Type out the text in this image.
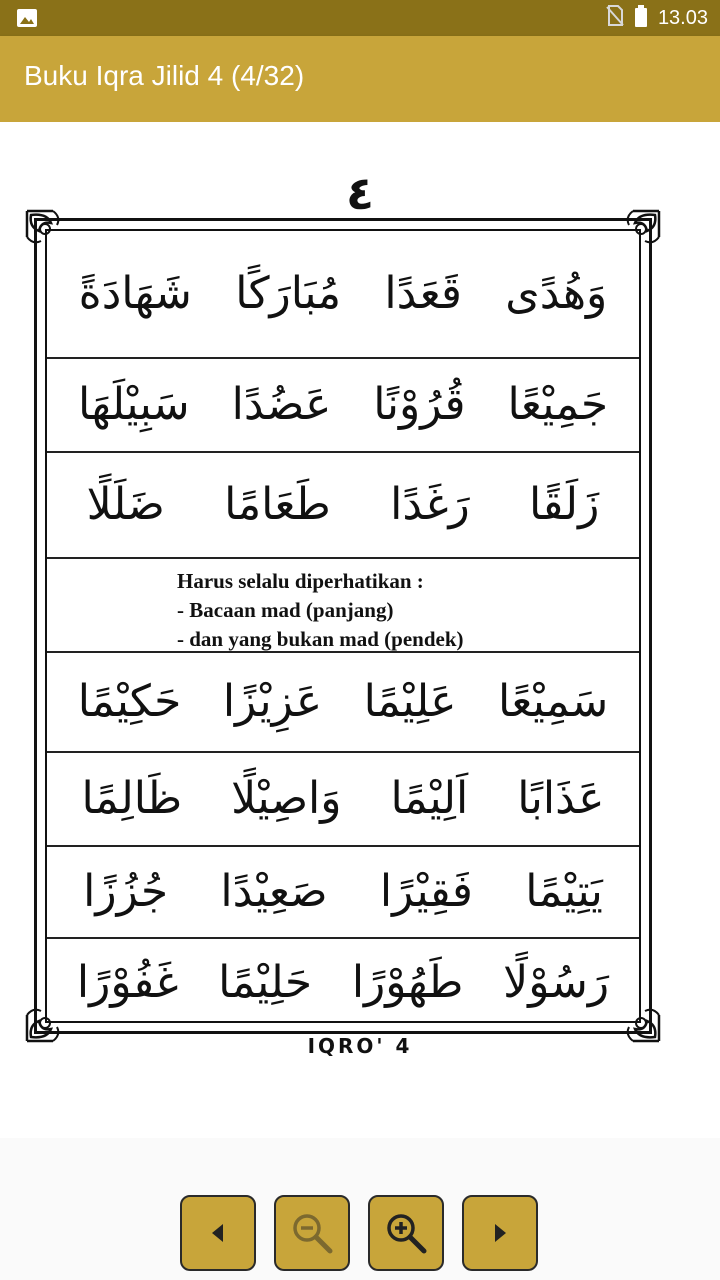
13.03
Buku Iqra Jilid 4 (4/32)
٤
وَهُدًى
قَعَدًا
مُبَارَكًا
شَهَادَةً
جَمِيْعًا
قُرُوْنًا
عَضُدًا
سَبِيْلَهَا
زَلَقًا
رَغَدًا
طَعَامًا
ضَلَلًا
Harus selalu diperhatikan :
- Bacaan mad (panjang)
- dan yang bukan mad (pendek)
سَمِيْعًا
عَلِيْمًا
عَزِيْزًا
حَكِيْمًا
عَذَابًا
اَلِيْمًا
وَاصِيْلًا
ظَالِمًا
يَتِيْمًا
فَقِيْرًا
صَعِيْدًا
جُزُزًا
رَسُوْلًا
طَهُوْرًا
حَلِيْمًا
غَفُوْرًا
IQRO' 4
